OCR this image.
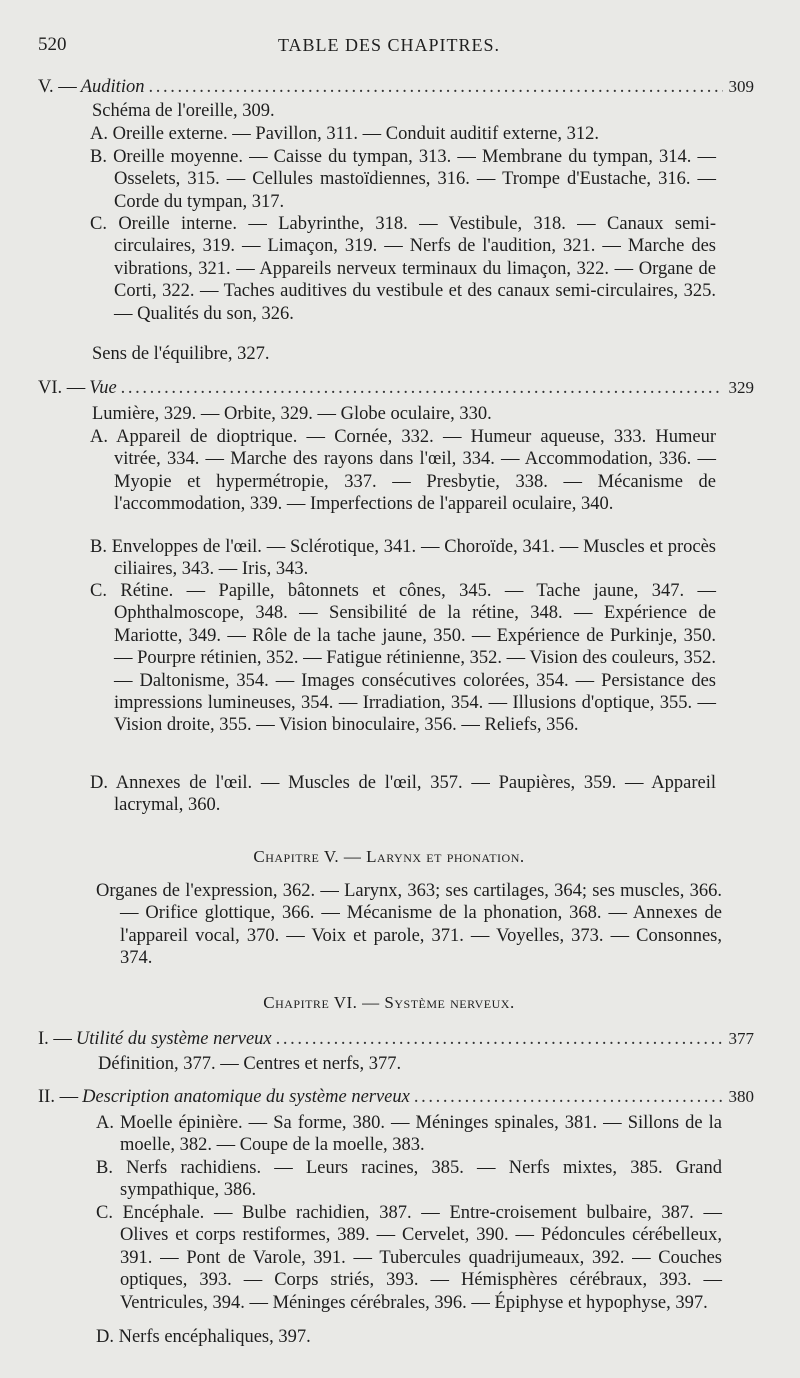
520	TABLE DES CHAPITRES.
V. — Audition . . .	309
Schéma de l'oreille, 309.
A. Oreille externe. — Pavillon, 311. — Conduit auditif externe, 312.
B. Oreille moyenne. — Caisse du tympan, 313. — Membrane du tympan, 314. — Osselets, 315. — Cellules mastoïdiennes, 316. — Trompe d'Eustache, 316. — Corde du tympan, 317.
C. Oreille interne. — Labyrinthe, 318. — Vestibule, 318. — Canaux semi-circulaires, 319. — Limaçon, 319. — Nerfs de l'audition, 321. — Marche des vibrations, 321. — Appareils nerveux terminaux du limaçon, 322. — Organe de Corti, 322. — Taches auditives du vestibule et des canaux semi-circulaires, 325. — Qualités du son, 326.
Sens de l'équilibre, 327.
VI. — Vue . . .	329
Lumière, 329. — Orbite, 329. — Globe oculaire, 330.
A. Appareil de dioptrique. — Cornée, 332. — Humeur aqueuse, 333. Humeur vitrée, 334. — Marche des rayons dans l'œil, 334. — Accommodation, 336. — Myopie et hypermétropie, 337. — Presbytie, 338. — Mécanisme de l'accommodation, 339. — Imperfections de l'appareil oculaire, 340.
B. Enveloppes de l'œil. — Sclérotique, 341. — Choroïde, 341. — Muscles et procès ciliaires, 343. — Iris, 343.
C. Rétine. — Papille, bâtonnets et cônes, 345. — Tache jaune, 347. — Ophthalmoscope, 348. — Sensibilité de la rétine, 348. — Expérience de Mariotte, 349. — Rôle de la tache jaune, 350. — Expérience de Purkinje, 350. — Pourpre rétinien, 352. — Fatigue rétinienne, 352. — Vision des couleurs, 352. — Daltonisme, 354. — Images consécutives colorées, 354. — Persistance des impressions lumineuses, 354. — Irradiation, 354. — Illusions d'optique, 355. — Vision droite, 355. — Vision binoculaire, 356. — Reliefs, 356.
D. Annexes de l'œil. — Muscles de l'œil, 357. — Paupières, 359. — Appareil lacrymal, 360.
Chapitre V. — Larynx et phonation.
Organes de l'expression, 362. — Larynx, 363; ses cartilages, 364; ses muscles, 366. — Orifice glottique, 366. — Mécanisme de la phonation, 368. — Annexes de l'appareil vocal, 370. — Voix et parole, 371. — Voyelles, 373. — Consonnes, 374.
Chapitre VI. — Système nerveux.
I. — Utilité du système nerveux . . .	377
Définition, 377. — Centres et nerfs, 377.
II. — Description anatomique du système nerveux . . .	380
A. Moelle épinière. — Sa forme, 380. — Méninges spinales, 381. — Sillons de la moelle, 382. — Coupe de la moelle, 383.
B. Nerfs rachidiens. — Leurs racines, 385. — Nerfs mixtes, 385. Grand sympathique, 386.
C. Encéphale. — Bulbe rachidien, 387. — Entre-croisement bulbaire, 387. — Olives et corps restiformes, 389. — Cervelet, 390. — Pédoncules cérébelleux, 391. — Pont de Varole, 391. — Tubercules quadrijumeaux, 392. — Couches optiques, 393. — Corps striés, 393. — Hémisphères cérébraux, 393. — Ventricules, 394. — Méninges cérébrales, 396. — Épiphyse et hypophyse, 397.
D. Nerfs encéphaliques, 397.
